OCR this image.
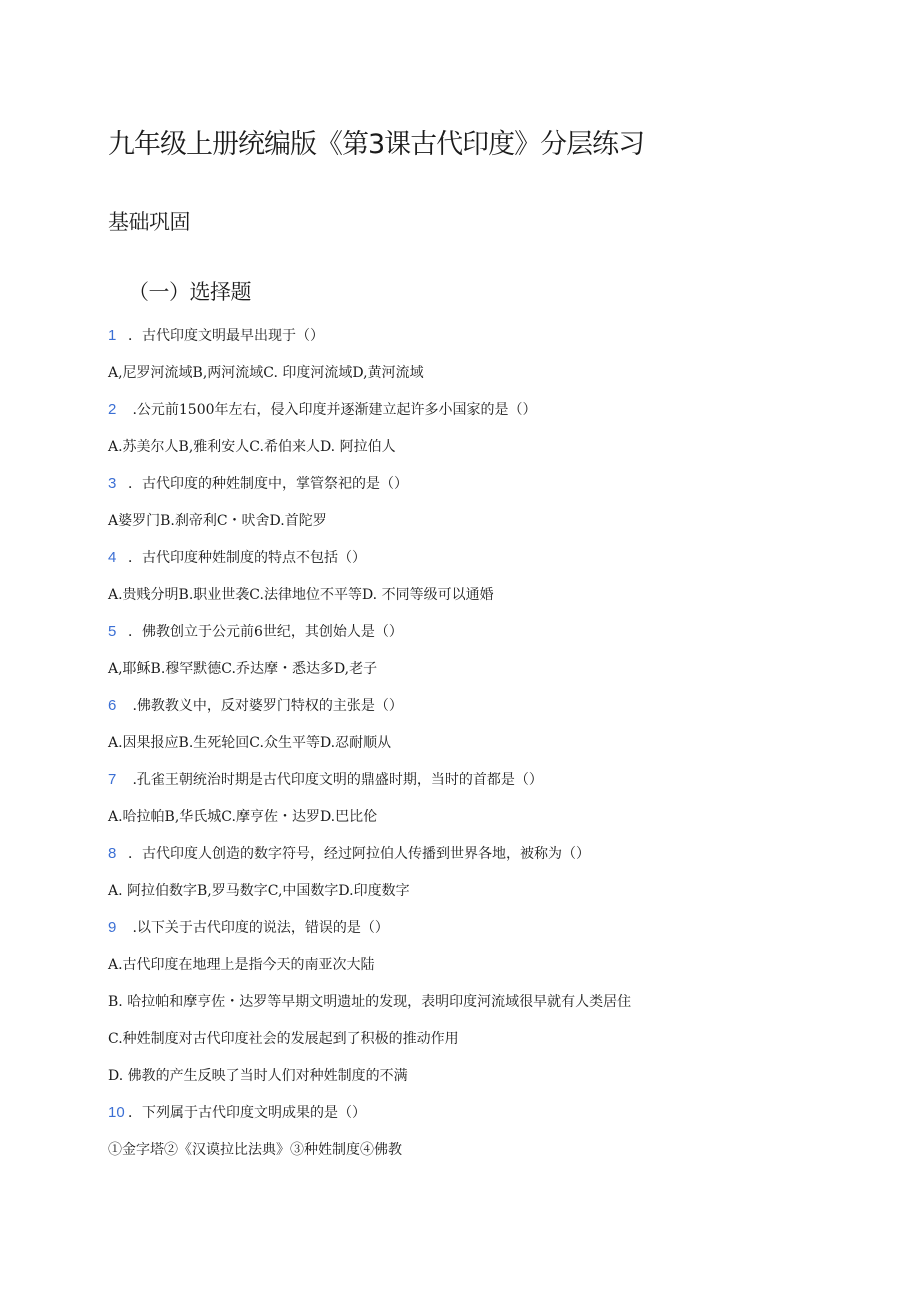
九年级上册统编版《第3课古代印度》分层练习
基础巩固
（一）选择题
1 ．古代印度文明最早出现于（）
A,尼罗河流域B,两河流域C. 印度河流域D,黄河流域
2 .公元前1500年左右，侵入印度并逐渐建立起许多小国家的是（）
A.苏美尔人B,雅利安人C.希伯来人D. 阿拉伯人
3 ．古代印度的种姓制度中，掌管祭祀的是（）
A婆罗门B.刹帝利C・吠舍D.首陀罗
4 ．古代印度种姓制度的特点不包括（）
A.贵贱分明B.职业世袭C.法律地位不平等D. 不同等级可以通婚
5 ．佛教创立于公元前6世纪，其创始人是（）
A,耶稣B.穆罕默德C.乔达摩・悉达多D,老子
6 .佛教教义中，反对婆罗门特权的主张是（）
A.因果报应B.生死轮回C.众生平等D.忍耐顺从
7 .孔雀王朝统治时期是古代印度文明的鼎盛时期，当时的首都是（）
A.哈拉帕B,华氏城C.摩亨佐・达罗D.巴比伦
8 ．古代印度人创造的数字符号，经过阿拉伯人传播到世界各地，被称为（）
A. 阿拉伯数字B,罗马数字C,中国数字D.印度数字
9 .以下关于古代印度的说法，错误的是（）
A.古代印度在地理上是指今天的南亚次大陆
B. 哈拉帕和摩亨佐・达罗等早期文明遗址的发现，表明印度河流域很早就有人类居住
C.种姓制度对古代印度社会的发展起到了积极的推动作用
D. 佛教的产生反映了当时人们对种姓制度的不满
10 ．下列属于古代印度文明成果的是（）
①金字塔②《汉谟拉比法典》③种姓制度④佛教
